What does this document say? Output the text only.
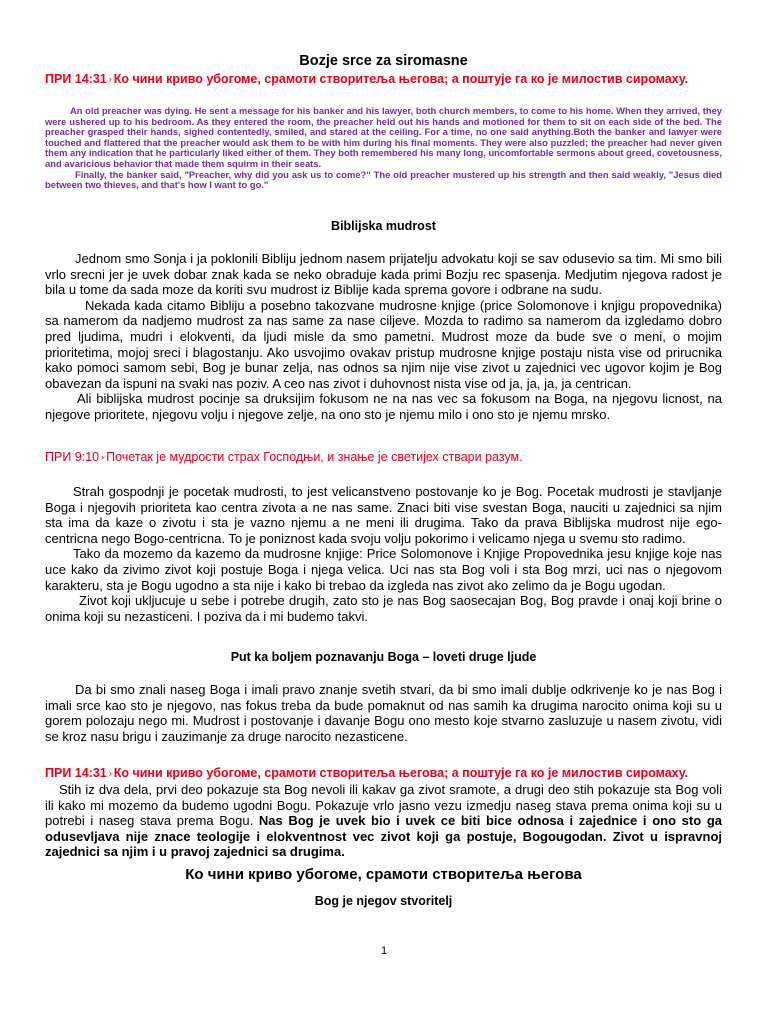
Bozje srce za siromasne
ПРИ 14:31 › Ко чини криво убогоме, срамоти створитеља његова; а поштује га ко је милостив сиромаху.

An old preacher was dying. He sent a message for his banker and his lawyer, both church members, to come to his home. When they arrived, they were ushered up to his bedroom. As they entered the room, the preacher held out his hands and motioned for them to sit on each side of the bed. The preacher grasped their hands, sighed contentedly, smiled, and stared at the ceiling. For a time, no one said anything.Both the banker and lawyer were touched and flattered that the preacher would ask them to be with him during his final moments. They were also puzzled; the preacher had never given them any indication that he particularly liked either of them. They both remembered his many long, uncomfortable sermons about greed, covetousness, and avaricious behavior that made them squirm in their seats.

Finally, the banker said, "Preacher, why did you ask us to come?" The old preacher mustered up his strength and then said weakly, "Jesus died between two thieves, and that's how I want to go."

Biblijska mudrost

Jednom smo Sonja i ja poklonili Bibliju jednom nasem prijatelju advokatu koji se sav odusevio sa tim. Mi smo bili vrlo srecni jer je uvek dobar znak kada se neko obraduje kada primi Bozju rec spasenja. Medjutim njegova radost je bila u tome da sada moze da koriti svu mudrost iz Biblije kada sprema govore i odbrane na sudu.

Nekada kada citamo Bibliju a posebno takozvane mudrosne knjige (price Solomonove i knjigu propovednika) sa namerom da nadjemo mudrost za nas same za nase ciljeve. Mozda to radimo sa namerom da izgledamo dobro pred ljudima, mudri i elokventi, da ljudi misle da smo pametni. Mudrost moze da bude sve o meni, o mojim prioritetima, mojoj sreci i blagostanju. Ako usvojimo ovakav pristup mudrosne knjige postaju nista vise od prirucnika kako pomoci samom sebi, Bog je bunar zelja, nas odnos sa njim nije vise zivot u zajednici vec ugovor kojim je Bog obavezan da ispuni na svaki nas poziv. A ceo nas zivot i duhovnost nista vise od ja, ja, ja, ja centrican.

Ali biblijska mudrost pocinje sa druksijim fokusom ne na nas vec sa fokusom na Boga, na njegovu licnost, na njegove prioritete, njegovu volju i njegove zelje, na ono sto je njemu milo i ono sto je njemu mrsko.

ПРИ 9:10 › Почетак је мудрости страх Господњи, и знање је светијех ствари разум.

Strah gospodnji je pocetak mudrosti, to jest velicanstveno postovanje ko je Bog. Pocetak mudrosti je stavljanje Boga i njegovih prioriteta kao centra zivota a ne nas same. Znaci biti vise svestan Boga, nauciti u zajednici sa njim sta ima da kaze o zivotu i sta je vazno njemu a ne meni ili drugima. Tako da prava Biblijska mudrost nije ego-centricna nego Bogo-centricna. To je poniznost kada svoju volju pokorimo i velicamo njega u svemu sto radimo.

Tako da mozemo da kazemo da mudrosne knjige: Price Solomonove i Knjige Propovednika jesu knjige koje nas uce kako da zivimo zivot koji postuje Boga i njega velica. Uci nas sta Bog voli i sta Bog mrzi, uci nas o njegovom karakteru, sta je Bogu ugodno a sta nije i kako bi trebao da izgleda nas zivot ako zelimo da je Bogu ugodan.

Zivot koji ukljucuje u sebe i potrebe drugih, zato sto je nas Bog saosecajan Bog, Bog pravde i onaj koji brine o onima koji su nezasticeni. I poziva da i mi budemo takvi.

Put ka boljem poznavanju Boga – loveti druge ljude

Da bi smo znali naseg Boga i imali pravo znanje svetih stvari, da bi smo imali dublje odkrivenje ko je nas Bog i imali srce kao sto je njegovo, nas fokus treba da bude pomaknut od nas samih ka drugima narocito onima koji su u gorem polozaju nego mi. Mudrost i postovanje i davanje Bogu ono mesto koje stvarno zasluzuje u nasem zivotu, vidi se kroz nasu brigu i zauzimanje za druge narocito nezasticene.

ПРИ 14:31 › Ко чини криво убогоме, срамоти створитеља његова; а поштује га ко је милостив сиромаху.

Stih iz dva dela, prvi deo pokazuje sta Bog nevoli ili kakav ga zivot sramote, a drugi deo stih pokazuje sta Bog voli ili kako mi mozemo da budemo ugodni Bogu. Pokazuje vrlo jasno vezu izmedju naseg stava prema onima koji su u potrebi i naseg stava prema Bogu. Nas Bog je uvek bio i uvek ce biti bice odnosa i zajednice i ono sto ga odusevljava nije znace teologije i elokventnost vec zivot koji ga postuje, Bogougodan. Zivot u ispravnoj zajednici sa njim i u pravoj zajednici sa drugima.

Ко чини криво убогоме, срамоти створитеља његова
Bog je njegov stvoritelj
1
